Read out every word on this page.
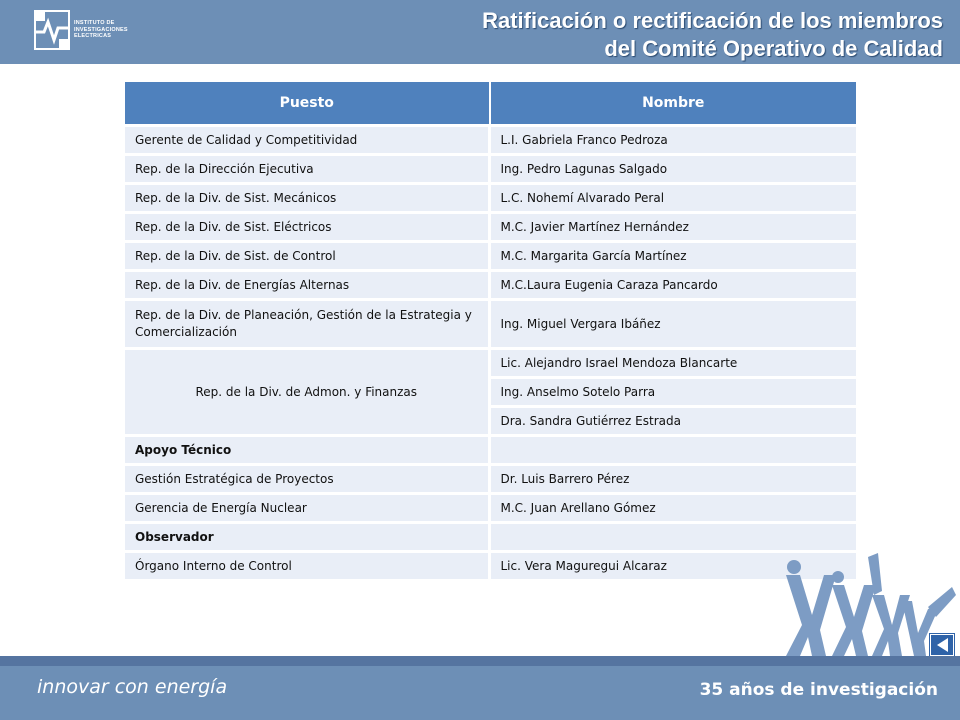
INSTITUTO DE
INVESTIGACIONES
ELECTRICAS
Ratificación o rectificación de los miembros
del Comité Operativo de Calidad
Puesto	Nombre
Gerente de Calidad y Competitividad	L.I. Gabriela Franco Pedroza
Rep. de la Dirección Ejecutiva	Ing. Pedro Lagunas Salgado
Rep. de la Div. de Sist. Mecánicos	L.C. Nohemí Alvarado Peral
Rep. de la Div. de Sist. Eléctricos	M.C. Javier Martínez Hernández
Rep. de la Div. de Sist. de Control	M.C. Margarita García Martínez
Rep. de la Div. de Energías Alternas	M.C.Laura Eugenia Caraza Pancardo
Rep. de la Div. de Planeación, Gestión de la Estrategia y Comercialización	Ing. Miguel Vergara Ibáñez
Rep. de la Div. de Admon. y Finanzas	Lic. Alejandro Israel Mendoza Blancarte
	Ing. Anselmo Sotelo Parra
	Dra. Sandra Gutiérrez Estrada
Apoyo Técnico	
Gestión Estratégica de Proyectos	Dr. Luis Barrero Pérez
Gerencia de Energía Nuclear	M.C. Juan Arellano Gómez
Observador	
Órgano Interno de Control	Lic. Vera Maguregui Alcaraz
innovar con energía	35 años de investigación
